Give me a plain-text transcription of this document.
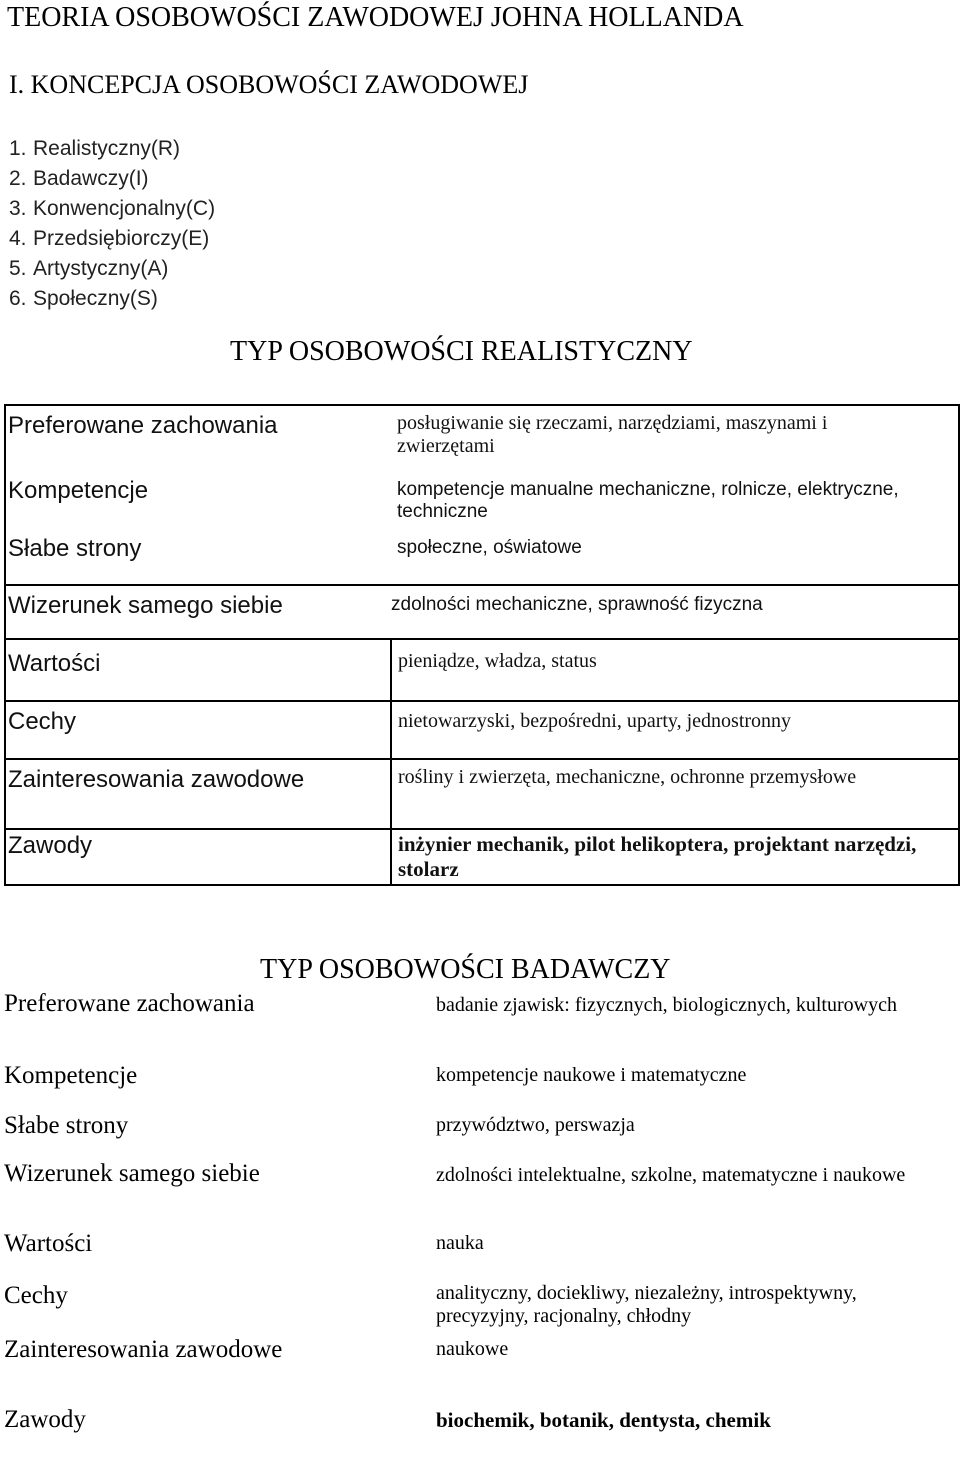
TEORIA OSOBOWOŚCI ZAWODOWEJ JOHNA HOLLANDA
I. KONCEPCJA OSOBOWOŚCI ZAWODOWEJ
1. Realistyczny(R)
2. Badawczy(I)
3. Konwencjonalny(C)
4. Przedsiębiorczy(E)
5. Artystyczny(A)
6. Społeczny(S)
TYP OSOBOWOŚCI REALISTYCZNY
Preferowane zachowania	posługiwanie się rzeczami, narzędziami, maszynami i zwierzętami
Kompetencje	kompetencje manualne mechaniczne, rolnicze, elektryczne, techniczne
Słabe strony	społeczne, oświatowe
Wizerunek samego siebie	zdolności mechaniczne, sprawność fizyczna
Wartości	pieniądze, władza, status
Cechy	nietowarzyski, bezpośredni, uparty, jednostronny
Zainteresowania zawodowe	rośliny i zwierzęta, mechaniczne, ochronne przemysłowe
Zawody	inżynier mechanik, pilot helikoptera, projektant narzędzi, stolarz
TYP OSOBOWOŚCI BADAWCZY
Preferowane zachowania	badanie zjawisk: fizycznych, biologicznych, kulturowych
Kompetencje	kompetencje naukowe i matematyczne
Słabe strony	przywództwo, perswazja
Wizerunek samego siebie	zdolności intelektualne, szkolne, matematyczne i naukowe
Wartości	nauka
Cechy	analityczny, dociekliwy, niezależny, introspektywny, precyzyjny, racjonalny, chłodny
Zainteresowania zawodowe	naukowe
Zawody	biochemik, botanik, dentysta, chemik
